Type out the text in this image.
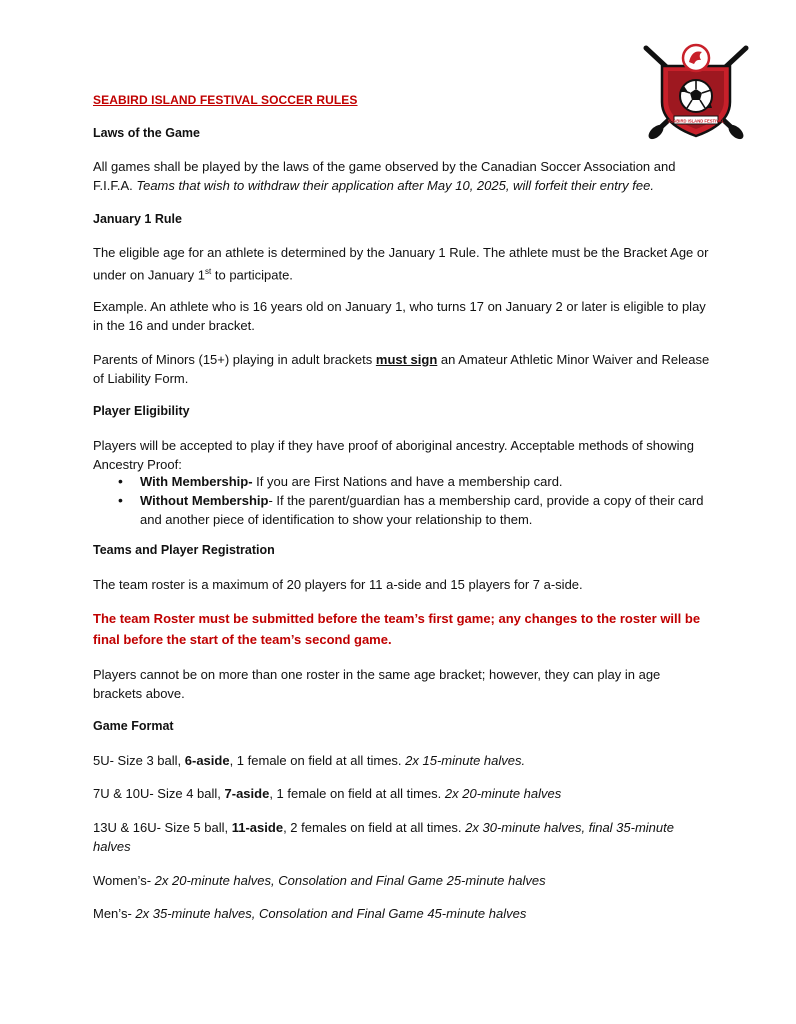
SEABIRD ISLAND FESTIVAL
SEABIRD ISLAND FESTIVAL SOCCER RULES
Laws of the Game
All games shall be played by the laws of the game observed by the Canadian Soccer Association and F.I.F.A. Teams that wish to withdraw their application after May 10, 2025, will forfeit their entry fee.
January 1 Rule
The eligible age for an athlete is determined by the January 1 Rule. The athlete must be the Bracket Age or under on January 1st to participate.
Example. An athlete who is 16 years old on January 1, who turns 17 on January 2 or later is eligible to play in the 16 and under bracket.
Parents of Minors (15+) playing in adult brackets must sign an Amateur Athletic Minor Waiver and Release of Liability Form.
Player Eligibility
Players will be accepted to play if they have proof of aboriginal ancestry. Acceptable methods of showing Ancestry Proof:
• With Membership- If you are First Nations and have a membership card.
• Without Membership- If the parent/guardian has a membership card, provide a copy of their card and another piece of identification to show your relationship to them.
Teams and Player Registration
The team roster is a maximum of 20 players for 11 a-side and 15 players for 7 a-side.
The team Roster must be submitted before the team’s first game; any changes to the roster will be final before the start of the team’s second game.
Players cannot be on more than one roster in the same age bracket; however, they can play in age brackets above.
Game Format
5U- Size 3 ball, 6-aside, 1 female on field at all times. 2x 15-minute halves.
7U & 10U- Size 4 ball, 7-aside, 1 female on field at all times. 2x 20-minute halves
13U & 16U- Size 5 ball, 11-aside, 2 females on field at all times. 2x 30-minute halves, final 35-minute halves
Women’s- 2x 20-minute halves, Consolation and Final Game 25-minute halves
Men’s- 2x 35-minute halves, Consolation and Final Game 45-minute halves
